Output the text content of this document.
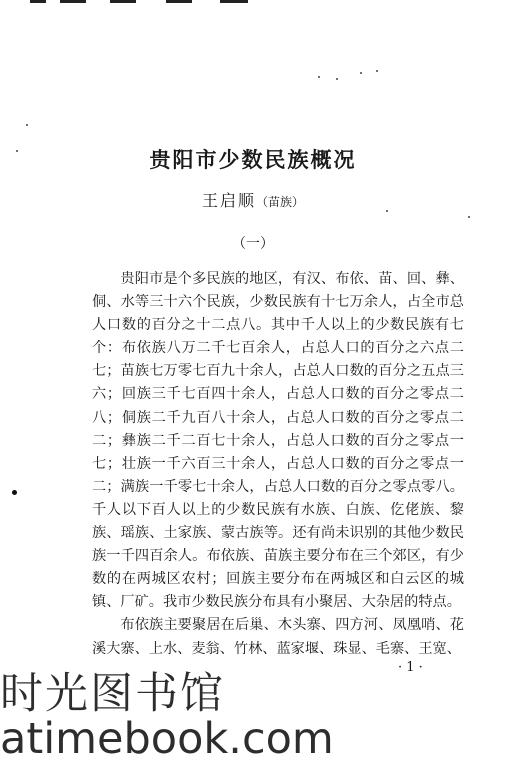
贵阳市少数民族概况
王启顺（苗族）
（一）

贵阳市是个多民族的地区，有汉、布依、苗、回、彝、侗、水等三十六个民族，少数民族有十七万余人，占全市总人口数的百分之十二点八。其中千人以上的少数民族有七个：布依族八万二千七百余人，占总人口的百分之六点二七；苗族七万零七百九十余人，占总人口数的百分之五点三六；回族三千七百四十余人，占总人口数的百分之零点二八；侗族二千九百八十余人，占总人口数的百分之零点二二；彝族二千二百七十余人，占总人口数的百分之零点一七；壮族一千六百三十余人，占总人口数的百分之零点一二；满族一千零七十余人，占总人口数的百分之零点零八。千人以下百人以上的少数民族有水族、白族、仡佬族、黎族、瑶族、土家族、蒙古族等。还有尚未识别的其他少数民族一千四百余人。布依族、苗族主要分布在三个郊区，有少数的在两城区农村；回族主要分布在两城区和白云区的城镇、厂矿。我市少数民族分布具有小聚居、大杂居的特点。

布依族主要聚居在后巢、木头寨、四方河、凤凰哨、花溪大寨、上水、麦翁、竹林、蓝家堰、珠显、毛寨、王宽、

· 1 ·
时光图书馆
atimebook.com
